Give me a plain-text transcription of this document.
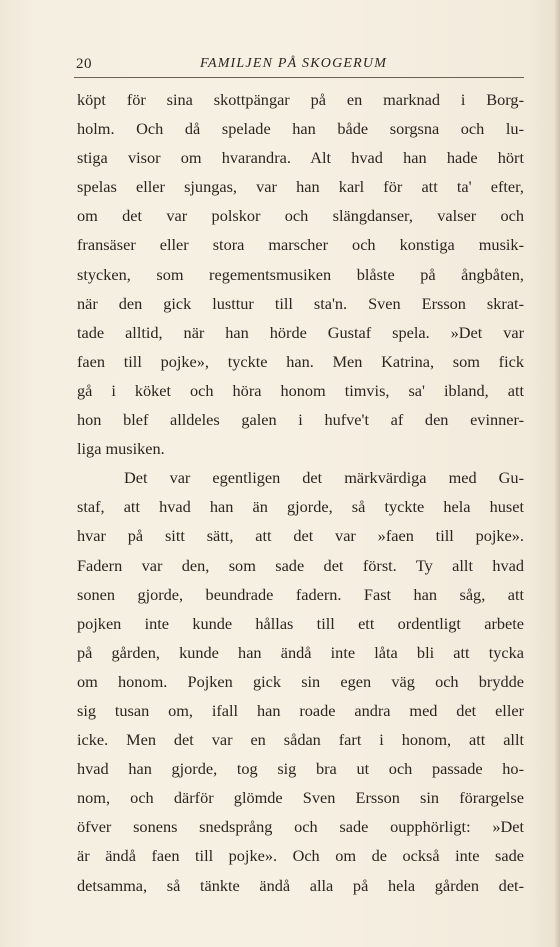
20	FAMILJEN PÅ SKOGERUM
köpt för sina skottpängar på en marknad i Borg-
holm. Och då spelade han både sorgsna och lu-
stiga visor om hvarandra. Alt hvad han hade hört
spelas eller sjungas, var han karl för att ta' efter,
om det var polskor och slängdanser, valser och
fransäser eller stora marscher och konstiga musik-
stycken, som regementsmusiken blåste på ångbåten,
när den gick lusttur till sta'n. Sven Ersson skrat-
tade alltid, när han hörde Gustaf spela. »Det var
faen till pojke», tyckte han. Men Katrina, som fick
gå i köket och höra honom timvis, sa' ibland, att
hon blef alldeles galen i hufve't af den evinner-
liga musiken.
Det var egentligen det märkvärdiga med Gu-
staf, att hvad han än gjorde, så tyckte hela huset
hvar på sitt sätt, att det var »faen till pojke».
Fadern var den, som sade det först. Ty allt hvad
sonen gjorde, beundrade fadern. Fast han såg, att
pojken inte kunde hållas till ett ordentligt arbete
på gården, kunde han ändå inte låta bli att tycka
om honom. Pojken gick sin egen väg och brydde
sig tusan om, ifall han roade andra med det eller
icke. Men det var en sådan fart i honom, att allt
hvad han gjorde, tog sig bra ut och passade ho-
nom, och därför glömde Sven Ersson sin förargelse
öfver sonens snedsprång och sade oupphörligt: »Det
är ändå faen till pojke». Och om de också inte sade
detsamma, så tänkte ändå alla på hela gården det-
